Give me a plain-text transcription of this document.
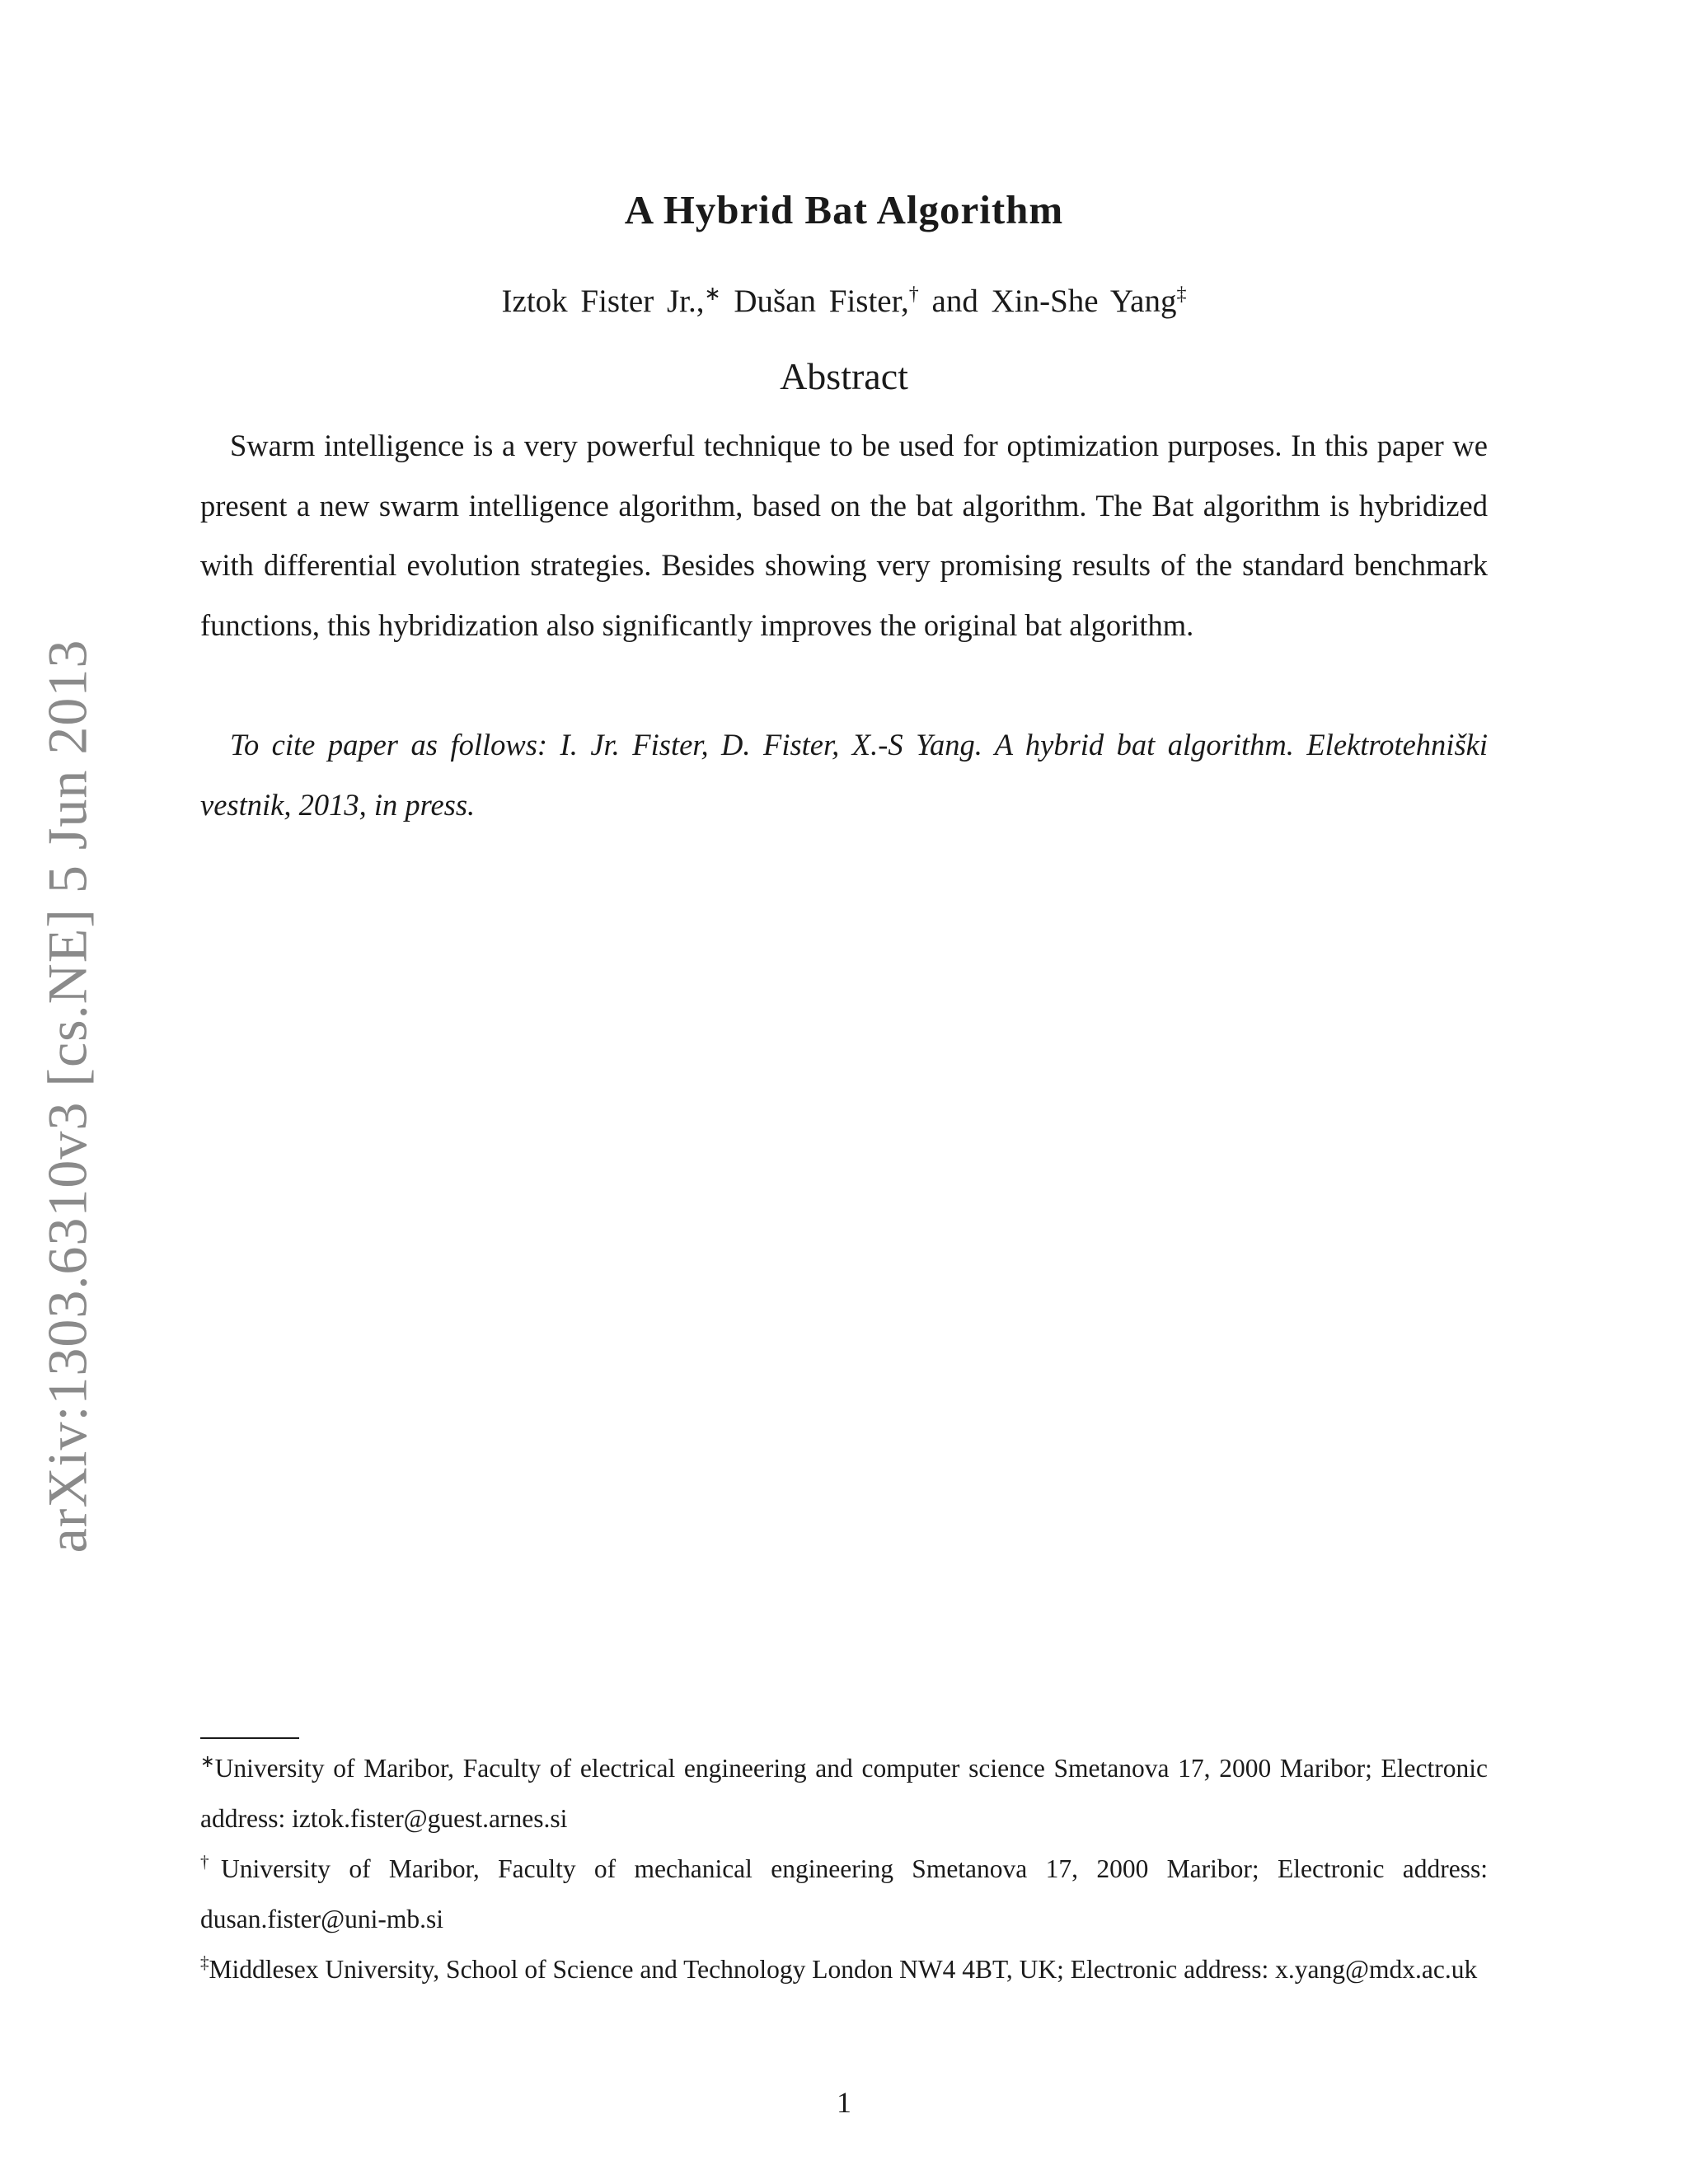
arXiv:1303.6310v3 [cs.NE] 5 Jun 2013
A Hybrid Bat Algorithm
Iztok Fister Jr.,∗ Dušan Fister,† and Xin-She Yang‡
Abstract

Swarm intelligence is a very powerful technique to be used for optimization purposes. In this paper we present a new swarm intelligence algorithm, based on the bat algorithm. The Bat algorithm is hybridized with differential evolution strategies. Besides showing very promising results of the standard benchmark functions, this hybridization also significantly improves the original bat algorithm.

To cite paper as follows: I. Jr. Fister, D. Fister, X.-S Yang. A hybrid bat algorithm. Elektrotehniški vestnik, 2013, in press.

∗University of Maribor, Faculty of electrical engineering and computer science Smetanova 17, 2000 Maribor; Electronic address: iztok.fister@guest.arnes.si

†University of Maribor, Faculty of mechanical engineering Smetanova 17, 2000 Maribor; Electronic address: dusan.fister@uni-mb.si

‡Middlesex University, School of Science and Technology London NW4 4BT, UK; Electronic address: x.yang@mdx.ac.uk

1
